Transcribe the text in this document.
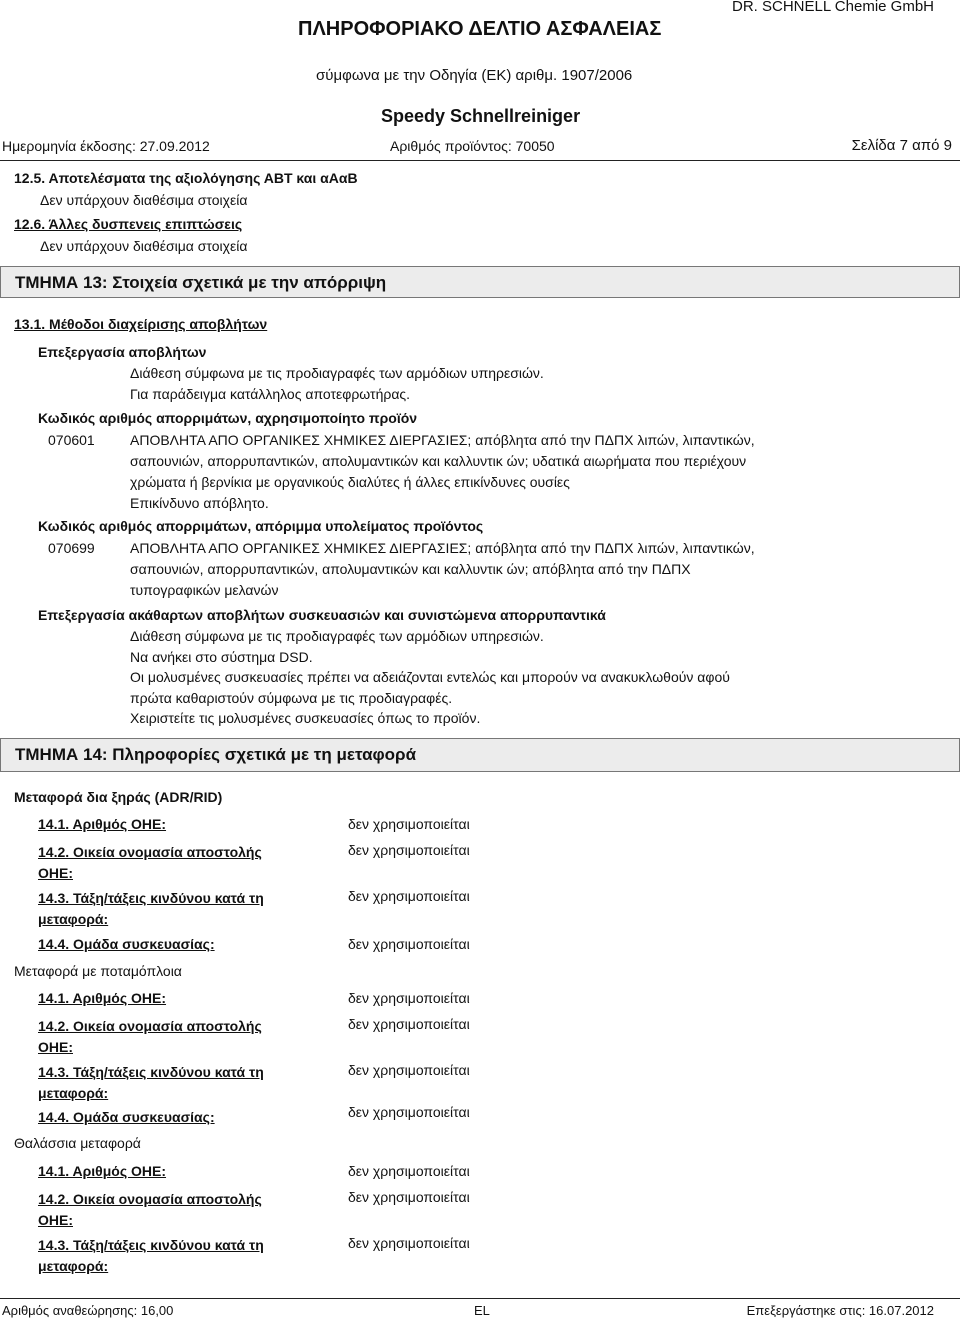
ΠΛΗΡΟΦΟΡΙΑΚΟ ΔΕΛΤΙΟ ΑΣΦΑΛΕΙΑΣ
DR. SCHNELL Chemie GmbH
σύμφωνα με την Οδηγία (ΕΚ) αριθμ. 1907/2006
Speedy Schnellreiniger
Ημερομηνία έκδοσης: 27.09.2012	Αριθμός προϊόντος: 70050	Σελίδα 7 από 9
12.5. Αποτελέσματα της αξιολόγησης ΑΒΤ και αΑαΒ
Δεν υπάρχουν διαθέσιμα στοιχεία
12.6. Άλλες δυσπενεις επιπτώσεις
Δεν υπάρχουν διαθέσιμα στοιχεία
ΤΜΗΜΑ 13: Στοιχεία σχετικά με την απόρριψη
13.1. Μέθοδοι διαχείρισης αποβλήτων
Επεξεργασία αποβλήτων
Διάθεση σύμφωνα με τις προδιαγραφές των αρμόδιων υπηρεσιών.
Για παράδειγμα κατάλληλος αποτεφρωτήρας.
Κωδικός αριθμός απορριμάτων, αχρησιμοποίητο προϊόν
070601	ΑΠΟΒΛΗΤΑ ΑΠΟ ΟΡΓΑΝΙΚΕΣ ΧΗΜΙΚΕΣ ΔΙΕΡΓΑΣΙΕΣ; απόβλητα από την ΠΔΠΧ λιπών, λιπαντικών,
σαπουνιών, απορρυπαντικών, απολυμαντικών και καλλυντικ ών; υδατικά αιωρήματα που περιέχουν
χρώματα ή βερνίκια με οργανικούς διαλύτες ή άλλες επικίνδυνες ουσίες
Επικίνδυνο απόβλητο.
Κωδικός αριθμός απορριμάτων, απόριμμα υπολείματος προϊόντος
070699	ΑΠΟΒΛΗΤΑ ΑΠΟ ΟΡΓΑΝΙΚΕΣ ΧΗΜΙΚΕΣ ΔΙΕΡΓΑΣΙΕΣ; απόβλητα από την ΠΔΠΧ λιπών, λιπαντικών,
σαπουνιών, απορρυπαντικών, απολυμαντικών και καλλυντικ ών; απόβλητα από την ΠΔΠΧ
τυπογραφικών μελανών
Επεξεργασία ακάθαρτων αποβλήτων συσκευασιών και συνιστώμενα απορρυπαντικά
Διάθεση σύμφωνα με τις προδιαγραφές των αρμόδιων υπηρεσιών.
Να ανήκει στο σύστημα DSD.
Οι μολυσμένες συσκευασίες πρέπει να αδειάζονται εντελώς και μπορούν να ανακυκλωθούν αφού
πρώτα καθαριστούν σύμφωνα με τις προδιαγραφές.
Χειριστείτε τις μολυσμένες συσκευασίες όπως το προϊόν.
ΤΜΗΜΑ 14: Πληροφορίες σχετικά με τη μεταφορά
Μεταφορά δια ξηράς (ADR/RID)
14.1. Αριθμός ΟΗΕ:	δεν χρησιμοποιείται
14.2. Οικεία ονομασία αποστολής ΟΗΕ:
δεν χρησιμοποιείται
14.3. Τάξη/τάξεις κινδύνου κατά τη μεταφορά:
δεν χρησιμοποιείται
14.4. Ομάδα συσκευασίας:	δεν χρησιμοποιείται
Μεταφορά με ποταμόπλοια
14.1. Αριθμός ΟΗΕ:	δεν χρησιμοποιείται
14.2. Οικεία ονομασία αποστολής ΟΗΕ:
δεν χρησιμοποιείται
14.3. Τάξη/τάξεις κινδύνου κατά τη μεταφορά:
δεν χρησιμοποιείται
14.4. Ομάδα συσκευασίας:	δεν χρησιμοποιείται
Θαλάσσια μεταφορά
14.1. Αριθμός ΟΗΕ:	δεν χρησιμοποιείται
14.2. Οικεία ονομασία αποστολής ΟΗΕ:
δεν χρησιμοποιείται
14.3. Τάξη/τάξεις κινδύνου κατά τη μεταφορά:
δεν χρησιμοποιείται
Αριθμός αναθεώρησης: 16,00	EL	Επεξεργάστηκε στις: 16.07.2012
